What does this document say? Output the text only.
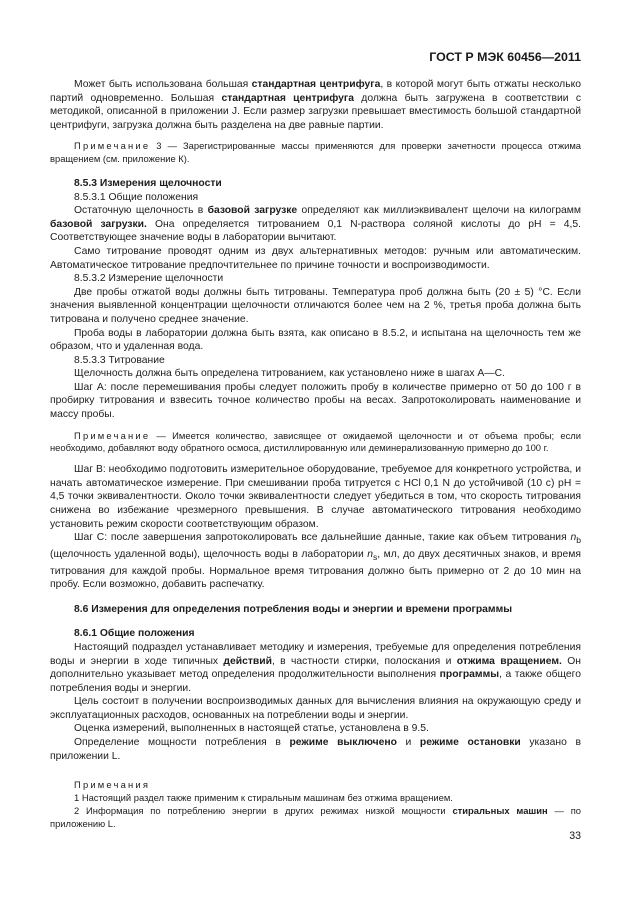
ГОСТ Р МЭК 60456—2011

Может быть использована большая стандартная центрифуга, в которой могут быть отжаты несколько партий одновременно. Большая стандартная центрифуга должна быть загружена в соответствии с методикой, описанной в приложении J. Если размер загрузки превышает вместимость большой стандартной центрифуги, загрузка должна быть разделена на две равные партии.

Примечание 3 — Зарегистрированные массы применяются для проверки зачетности процесса отжима вращением (см. приложение К).

8.5.3 Измерения щелочности

8.5.3.1 Общие положения

Остаточную щелочность в базовой загрузке определяют как миллиэквивалент щелочи на килограмм базовой загрузки. Она определяется титрованием 0,1 N-раствора соляной кислоты до pH = 4,5. Соответствующее значение воды в лаборатории вычитают.

Само титрование проводят одним из двух альтернативных методов: ручным или автоматическим. Автоматическое титрование предпочтительнее по причине точности и воспроизводимости.

8.5.3.2 Измерение щелочности

Две пробы отжатой воды должны быть титрованы. Температура проб должна быть (20 ± 5) °С. Если значения выявленной концентрации щелочности отличаются более чем на 2 %, третья проба должна быть титрована и получено среднее значение.

Проба воды в лаборатории должна быть взята, как описано в 8.5.2, и испытана на щелочность тем же образом, что и удаленная вода.

8.5.3.3 Титрование

Щелочность должна быть определена титрованием, как установлено ниже в шагах А—С.

Шаг А: после перемешивания пробы следует положить пробу в количестве примерно от 50 до 100 г в пробирку титрования и взвесить точное количество пробы на весах. Запротоколировать наименование и массу пробы.

Примечание — Имеется количество, зависящее от ожидаемой щелочности и от объема пробы; если необходимо, добавляют воду обратного осмоса, дистиллированную или деминерализованную примерно до 100 г.

Шаг В: необходимо подготовить измерительное оборудование, требуемое для конкретного устройства, и начать автоматическое измерение. При смешивании проба титруется с HCl 0,1 N до устойчивой (10 с) pH = 4,5 точки эквивалентности. Около точки эквивалентности следует убедиться в том, что скорость титрования снижена во избежание чрезмерного превышения. В случае автоматического титрования необходимо установить режим скорости соответствующим образом.

Шаг С: после завершения запротоколировать все дальнейшие данные, такие как объем титрования $n_b$ (щелочность удаленной воды), щелочность воды в лаборатории $n_s$, мл, до двух десятичных знаков, и время титрования для каждой пробы. Нормальное время титрования должно быть примерно от 2 до 10 мин на пробу. Если возможно, добавить распечатку.

8.6 Измерения для определения потребления воды и энергии и времени программы

8.6.1 Общие положения

Настоящий подраздел устанавливает методику и измерения, требуемые для определения потребления воды и энергии в ходе типичных действий, в частности стирки, полоскания и отжима вращением. Он дополнительно указывает метод определения продолжительности выполнения программы, а также общего потребления воды и энергии.

Цель состоит в получении воспроизводимых данных для вычисления влияния на окружающую среду и эксплуатационных расходов, основанных на потреблении воды и энергии.

Оценка измерений, выполненных в настоящей статье, установлена в 9.5.

Определение мощности потребления в режиме выключено и режиме остановки указано в приложении L.

Примечания

1 Настоящий раздел также применим к стиральным машинам без отжима вращением.

2 Информация по потреблению энергии в других режимах низкой мощности стиральных машин — по приложению L.

33
